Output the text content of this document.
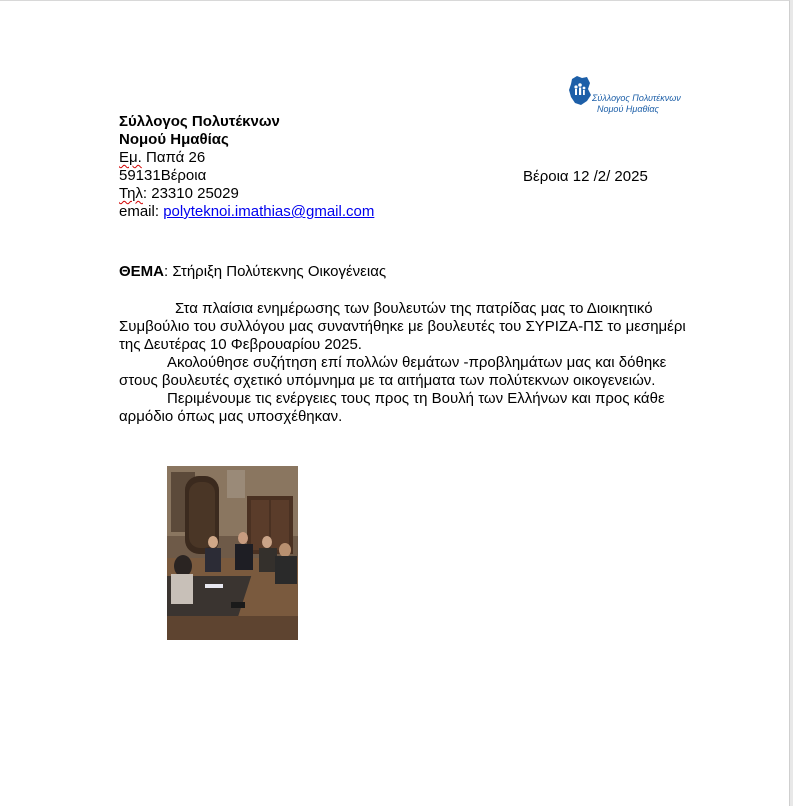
Σύλλογος Πολυτέκνων
Νομού Ημαθίας
Σύλλογος Πολυτέκνων
Νομού Ημαθίας
Εμ. Παπά 26
59131Βέροια
Τηλ: 23310 25029
email: polyteknoi.imathias@gmail.com
Βέροια 12 /2/ 2025
ΘΕΜΑ: Στήριξη Πολύτεκνης Οικογένειας

Στα πλαίσια ενημέρωσης των βουλευτών της πατρίδας μας το Διοικητικό Συμβούλιο του συλλόγου μας συναντήθηκε με βουλευτές του ΣΥΡΙΖΑ-ΠΣ το μεσημέρι της Δευτέρας 10 Φεβρουαρίου 2025.

Ακολούθησε συζήτηση επί πολλών θεμάτων -προβλημάτων μας και δόθηκε στους βουλευτές σχετικό υπόμνημα με τα αιτήματα των πολύτεκνων οικογενειών.

Περιμένουμε τις ενέργειες τους προς τη Βουλή των Ελλήνων και προς κάθε αρμόδιο όπως μας υποσχέθηκαν.
